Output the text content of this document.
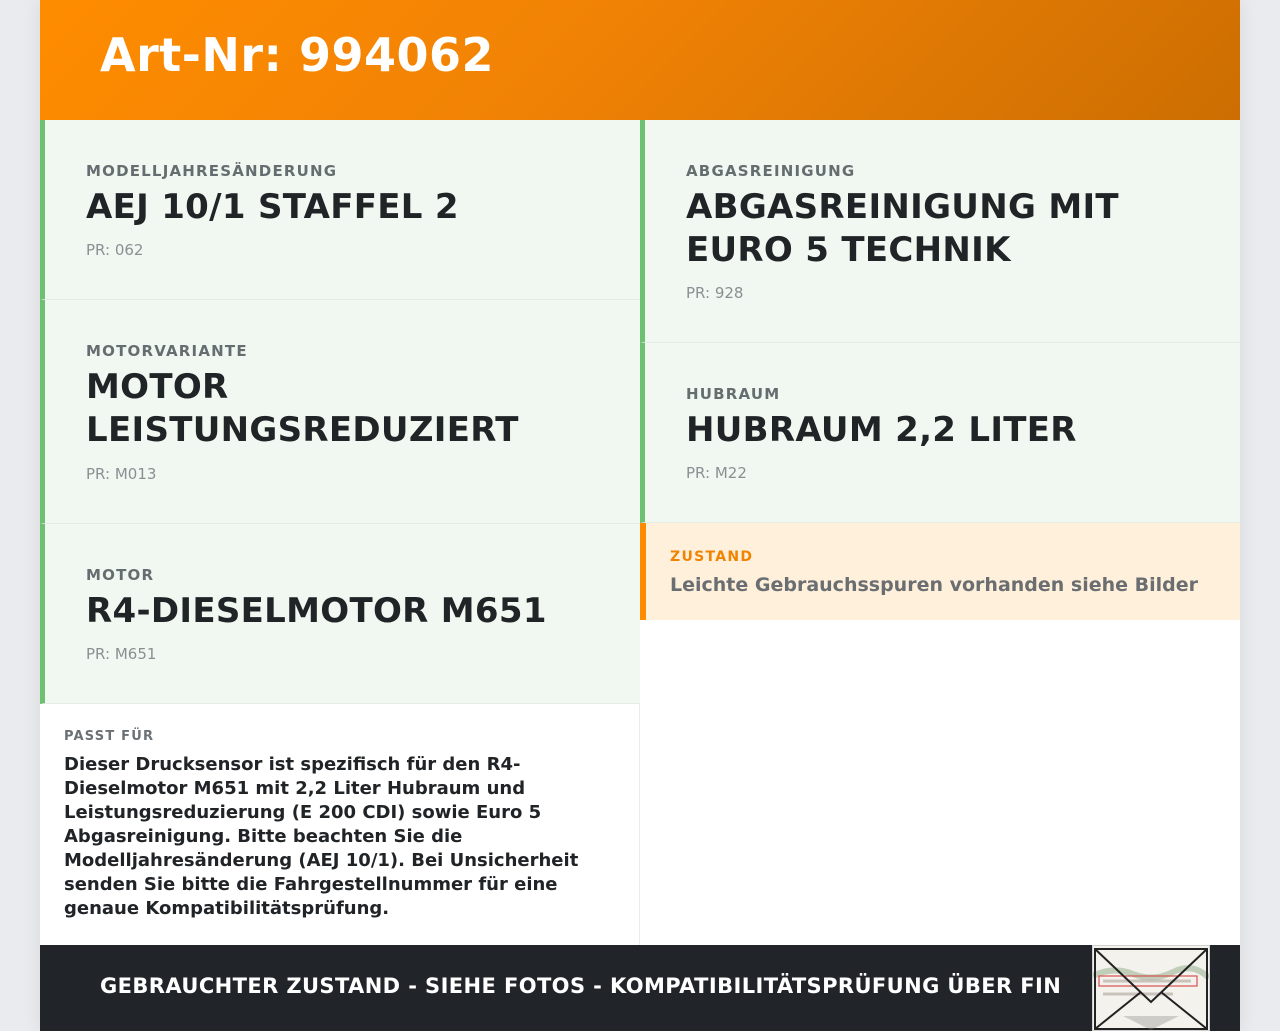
Art-Nr: 994062
MODELLJAHRESÄNDERUNG
AEJ 10/1 STAFFEL 2
PR: 062
MOTORVARIANTE
MOTOR LEISTUNGSREDUZIERT
PR: M013
MOTOR
R4-DIESELMOTOR M651
PR: M651
PASST FÜR
Dieser Drucksensor ist spezifisch für den R4-Dieselmotor M651 mit 2,2 Liter Hubraum und Leistungsreduzierung (E 200 CDI) sowie Euro 5 Abgasreinigung. Bitte beachten Sie die Modelljahresänderung (AEJ 10/1). Bei Unsicherheit senden Sie bitte die Fahrgestellnummer für eine genaue Kompatibilitätsprüfung.
ABGASREINIGUNG
ABGASREINIGUNG MIT EURO 5 TECHNIK
PR: 928
HUBRAUM
HUBRAUM 2,2 LITER
PR: M22
ZUSTAND
Leichte Gebrauchsspuren vorhanden siehe Bilder
GEBRAUCHTER ZUSTAND - SIEHE FOTOS - KOMPATIBILITÄTSPRÜFUNG ÜBER FIN
